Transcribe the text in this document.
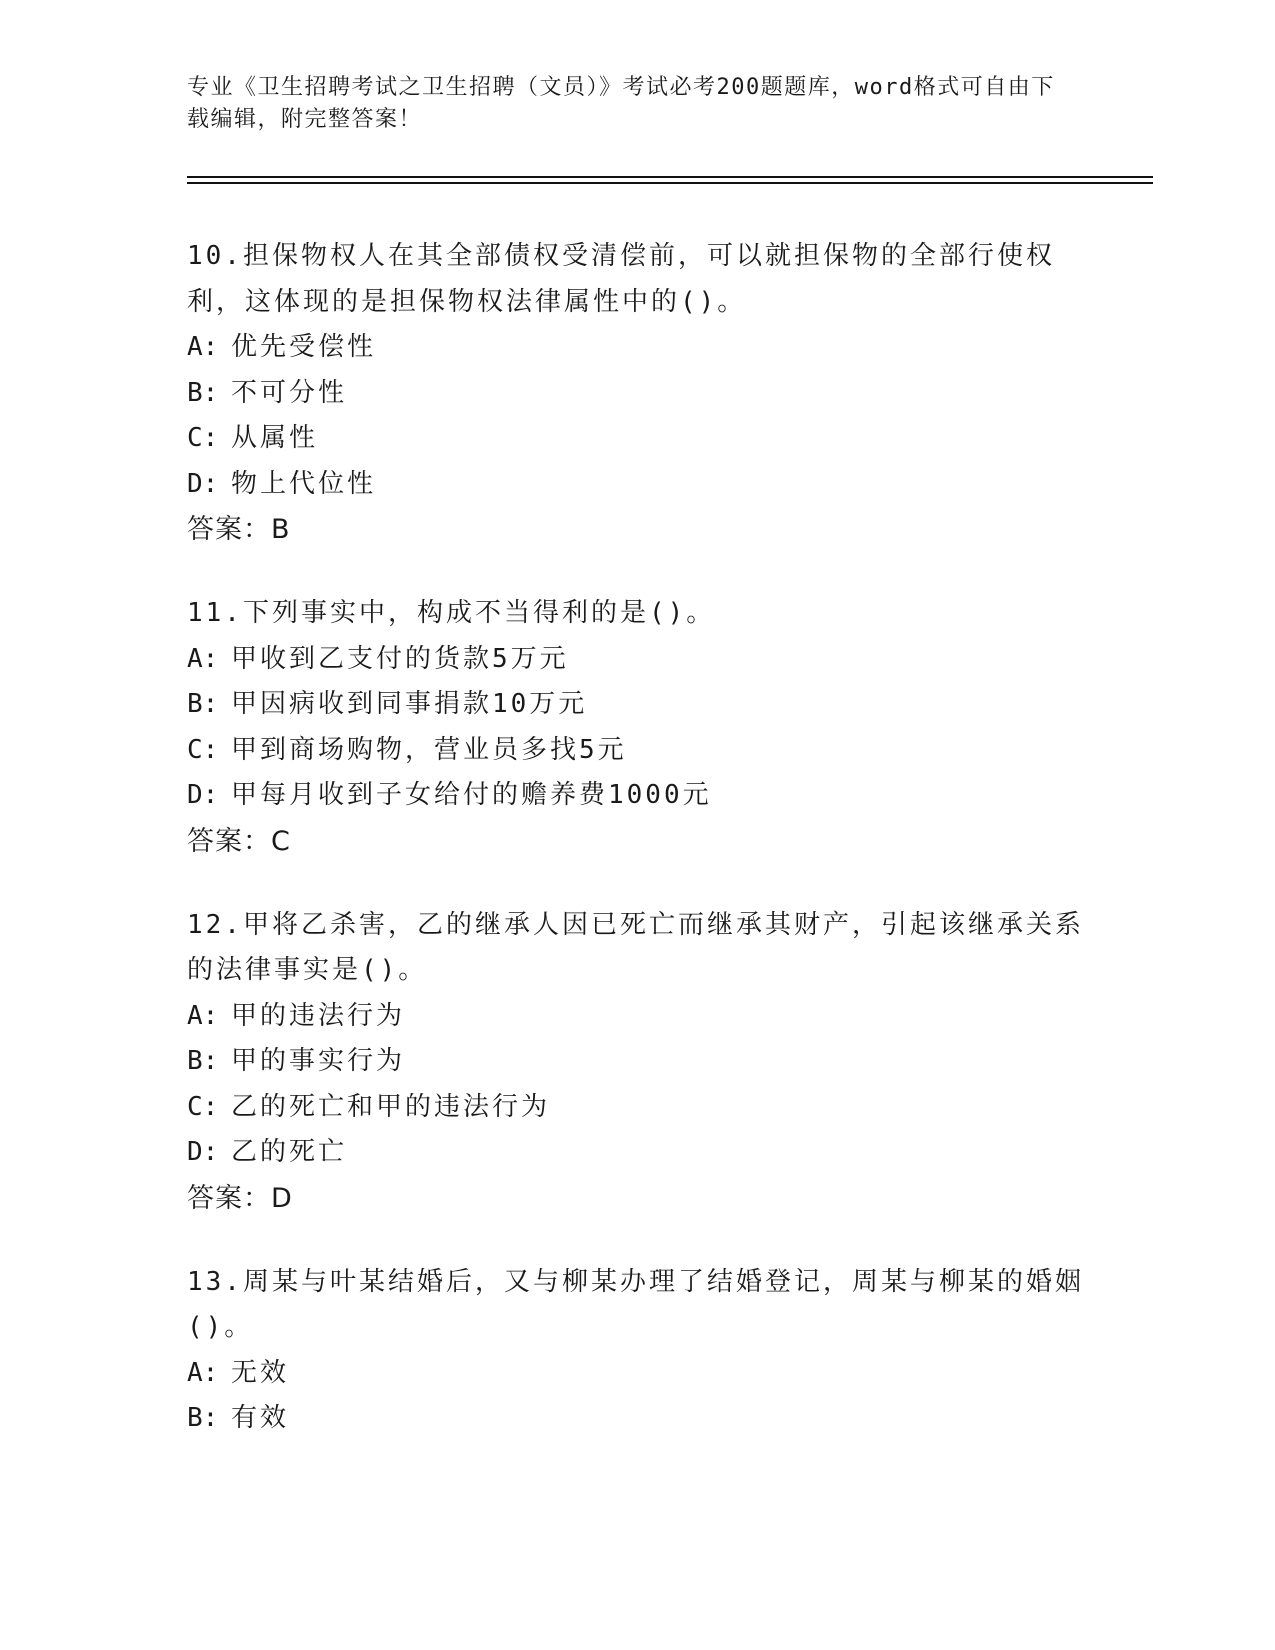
专业《卫生招聘考试之卫生招聘（文员）》考试必考200题题库，word格式可自由下载编辑，附完整答案！
10.担保物权人在其全部债权受清偿前，可以就担保物的全部行使权利，这体现的是担保物权法律属性中的()。
A: 优先受偿性
B: 不可分性
C: 从属性
D: 物上代位性
答案：B
11.下列事实中，构成不当得利的是()。
A: 甲收到乙支付的货款5万元
B: 甲因病收到同事捐款10万元
C: 甲到商场购物，营业员多找5元
D: 甲每月收到子女给付的赡养费1000元
答案：C
12.甲将乙杀害，乙的继承人因已死亡而继承其财产，引起该继承关系的法律事实是()。
A: 甲的违法行为
B: 甲的事实行为
C: 乙的死亡和甲的违法行为
D: 乙的死亡
答案：D
13.周某与叶某结婚后，又与柳某办理了结婚登记，周某与柳某的婚姻()。
A: 无效
B: 有效
